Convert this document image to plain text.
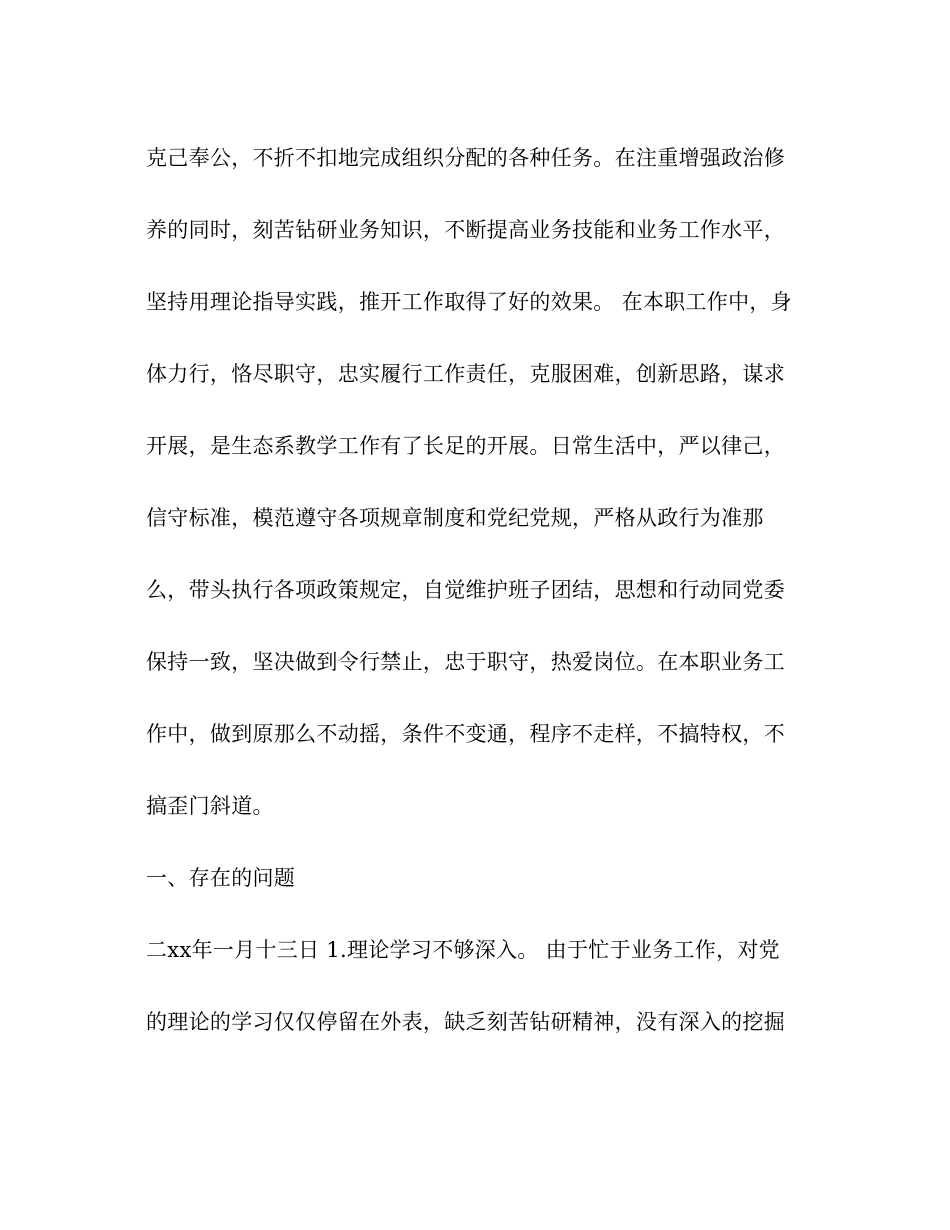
克己奉公，不折不扣地完成组织分配的各种任务。在注重增强政治修
养的同时，刻苦钻研业务知识，不断提高业务技能和业务工作水平，
坚持用理论指导实践，推开工作取得了好的效果。 在本职工作中，身
体力行，恪尽职守，忠实履行工作责任，克服困难，创新思路，谋求
开展，是生态系教学工作有了长足的开展。日常生活中，严以律己，
信守标准，模范遵守各项规章制度和党纪党规，严格从政行为准那
么，带头执行各项政策规定，自觉维护班子团结，思想和行动同党委
保持一致，坚决做到令行禁止，忠于职守，热爱岗位。在本职业务工
作中，做到原那么不动摇，条件不变通，程序不走样，不搞特权，不
搞歪门斜道。
一、存在的问题
二xx年一月十三日 1.理论学习不够深入。 由于忙于业务工作，对党
的理论的学习仅仅停留在外表，缺乏刻苦钻研精神，没有深入的挖掘
